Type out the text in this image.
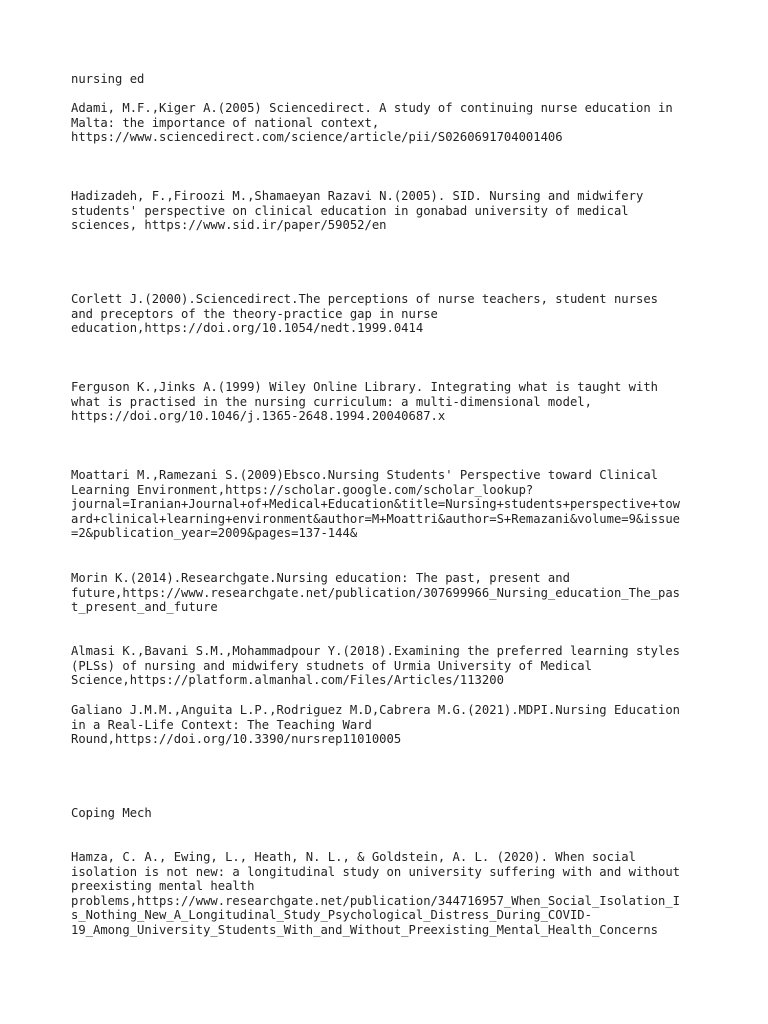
nursing ed

Adami, M.F.,Kiger A.(2005) Sciencedirect. A study of continuing nurse education in
Malta: the importance of national context,
https://www.sciencedirect.com/science/article/pii/S0260691704001406

Hadizadeh, F.,Firoozi M.,Shamaeyan Razavi N.(2005). SID. Nursing and midwifery
students' perspective on clinical education in gonabad university of medical
sciences, https://www.sid.ir/paper/59052/en

Corlett J.(2000).Sciencedirect.The perceptions of nurse teachers, student nurses
and preceptors of the theory-practice gap in nurse
education,https://doi.org/10.1054/nedt.1999.0414

Ferguson K.,Jinks A.(1999) Wiley Online Library. Integrating what is taught with
what is practised in the nursing curriculum: a multi-dimensional model,
https://doi.org/10.1046/j.1365-2648.1994.20040687.x

Moattari M.,Ramezani S.(2009)Ebsco.Nursing Students' Perspective toward Clinical
Learning Environment,https://scholar.google.com/scholar_lookup?
journal=Iranian+Journal+of+Medical+Education&title=Nursing+students+perspective+tow
ard+clinical+learning+environment&author=M+Moattri&author=S+Remazani&volume=9&issue
=2&publication_year=2009&pages=137-144&

Morin K.(2014).Researchgate.Nursing education: The past, present and
future,https://www.researchgate.net/publication/307699966_Nursing_education_The_pas
t_present_and_future

Almasi K.,Bavani S.M.,Mohammadpour Y.(2018).Examining the preferred learning styles
(PLSs) of nursing and midwifery studnets of Urmia University of Medical
Science,https://platform.almanhal.com/Files/Articles/113200

Galiano J.M.M.,Anguita L.P.,Rodriguez M.D,Cabrera M.G.(2021).MDPI.Nursing Education
in a Real-Life Context: The Teaching Ward
Round,https://doi.org/10.3390/nursrep11010005

Coping Mech

Hamza, C. A., Ewing, L., Heath, N. L., & Goldstein, A. L. (2020). When social
isolation is not new: a longitudinal study on university suffering with and without
preexisting mental health
problems,https://www.researchgate.net/publication/344716957_When_Social_Isolation_I
s_Nothing_New_A_Longitudinal_Study_Psychological_Distress_During_COVID-
19_Among_University_Students_With_and_Without_Preexisting_Mental_Health_Concerns
